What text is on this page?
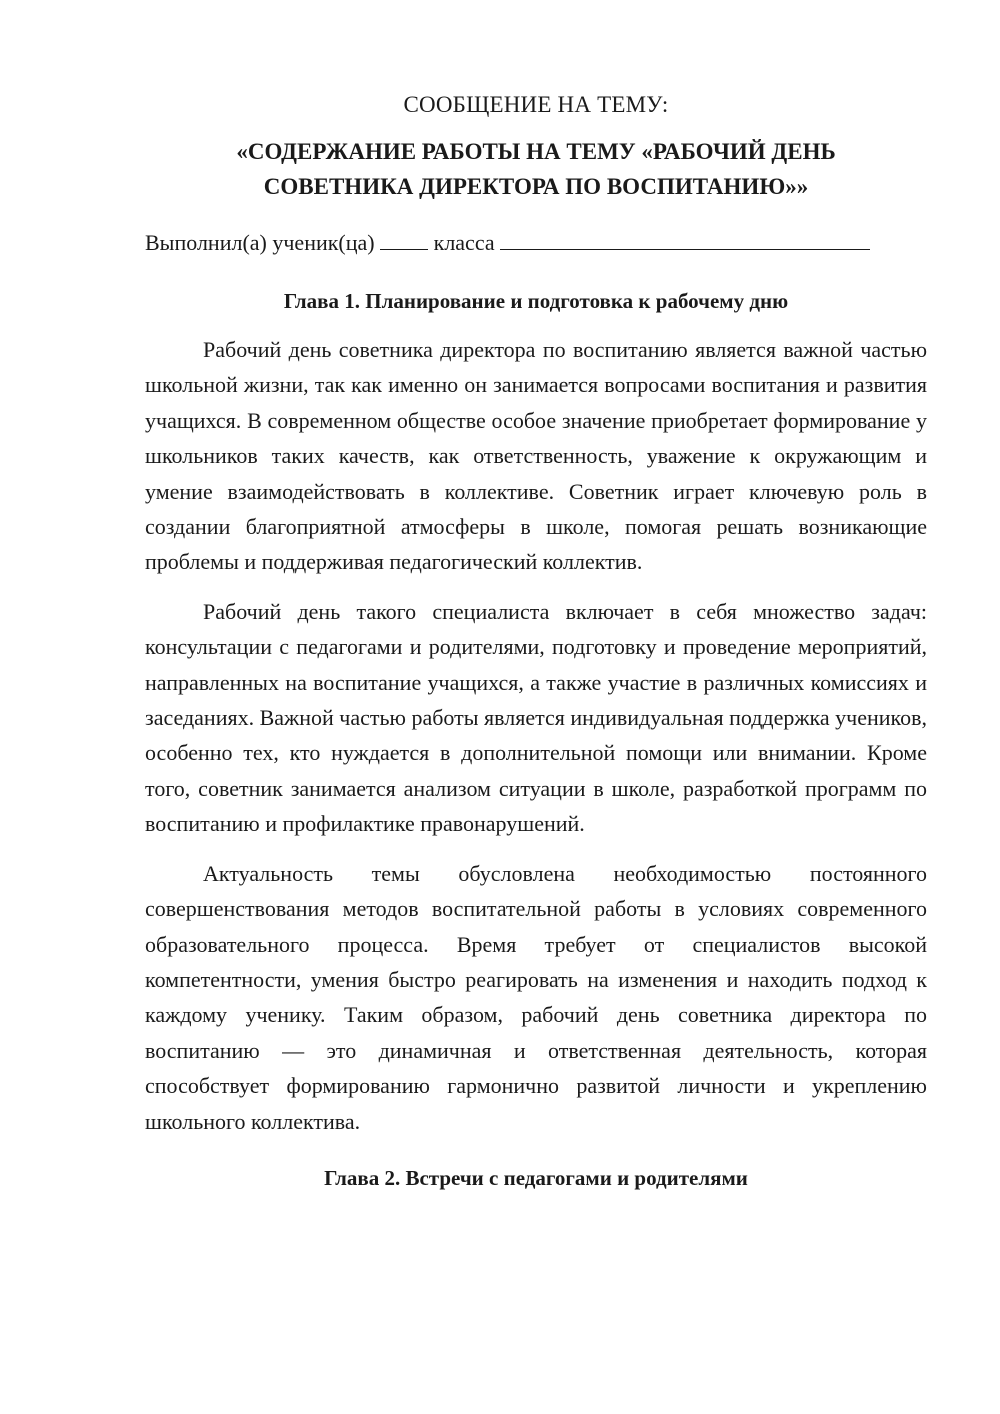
СООБЩЕНИЕ НА ТЕМУ:

«СОДЕРЖАНИЕ РАБОТЫ НА ТЕМУ «РАБОЧИЙ ДЕНЬ

СОВЕТНИКА ДИРЕКТОРА ПО ВОСПИТАНИЮ»»

Выполнил(а) ученик(ца)	класса

Глава 1. Планирование и подготовка к рабочему дню

Рабочий день советника директора по воспитанию является важной частью школьной жизни, так как именно он занимается вопросами воспитания и развития учащихся. В современном обществе особое значение приобретает формирование у школьников таких качеств, как ответственность, уважение к окружающим и умение взаимодействовать в коллективе. Советник играет ключевую роль в создании благоприятной атмосферы в школе, помогая решать возникающие проблемы и поддерживая педагогический коллектив.

Рабочий день такого специалиста включает в себя множество задач: консультации с педагогами и родителями, подготовку и проведение мероприятий, направленных на воспитание учащихся, а также участие в различных комиссиях и заседаниях. Важной частью работы является индивидуальная поддержка учеников, особенно тех, кто нуждается в дополнительной помощи или внимании. Кроме того, советник занимается анализом ситуации в школе, разработкой программ по воспитанию и профилактике правонарушений.

Актуальность темы обусловлена необходимостью постоянного совершенствования методов воспитательной работы в условиях современного образовательного процесса. Время требует от специалистов высокой компетентности, умения быстро реагировать на изменения и находить подход к каждому ученику. Таким образом, рабочий день советника директора по воспитанию — это динамичная и ответственная деятельность, которая способствует формированию гармонично развитой личности и укреплению школьного коллектива.

Глава 2. Встречи с педагогами и родителями
